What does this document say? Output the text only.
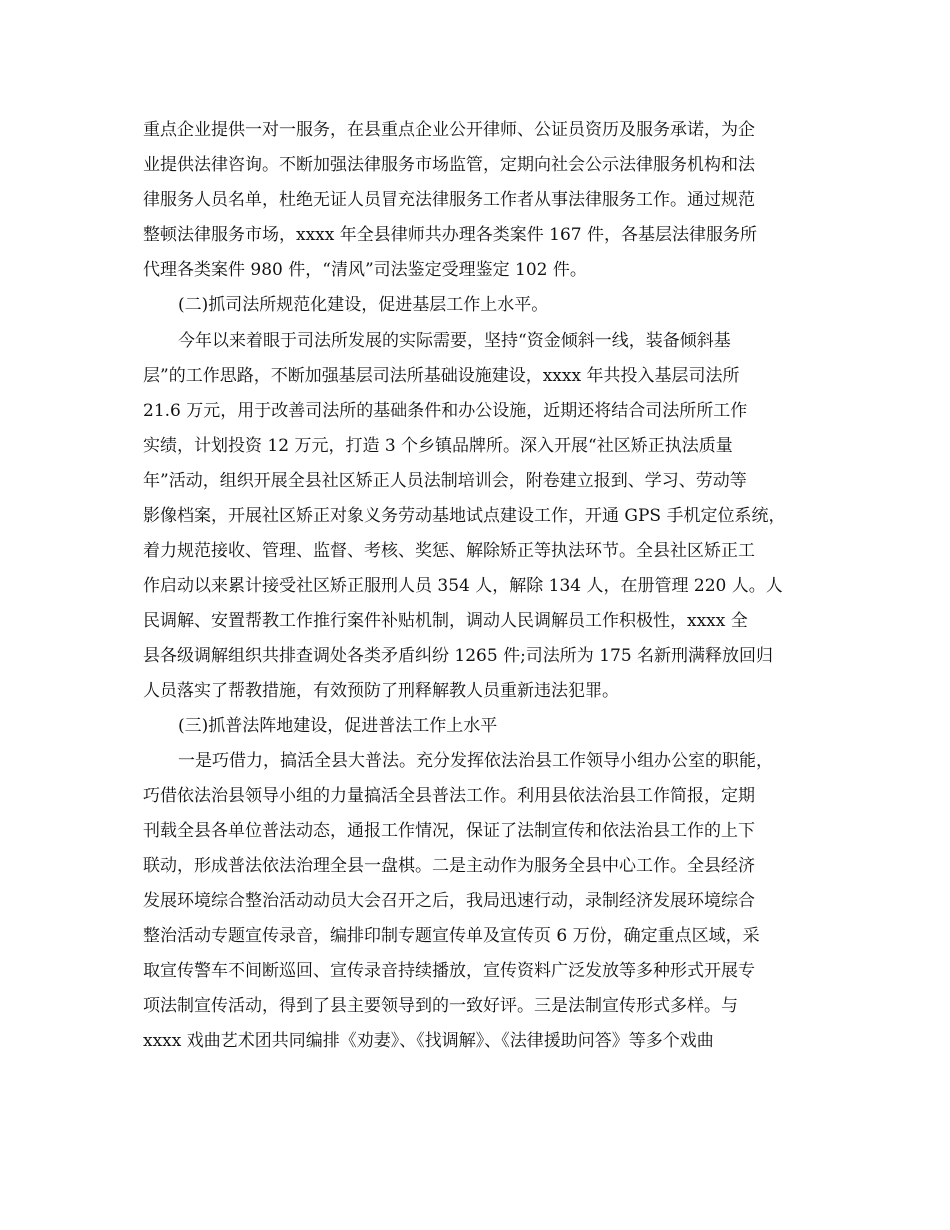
重点企业提供一对一服务，在县重点企业公开律师、公证员资历及服务承诺，为企
业提供法律咨询。不断加强法律服务市场监管，定期向社会公示法律服务机构和法
律服务人员名单，杜绝无证人员冒充法律服务工作者从事法律服务工作。通过规范
整顿法律服务市场，xxxx 年全县律师共办理各类案件 167 件，各基层法律服务所
代理各类案件 980 件，“清风”司法鉴定受理鉴定 102 件。
(二)抓司法所规范化建设，促进基层工作上水平。
今年以来着眼于司法所发展的实际需要，坚持“资金倾斜一线，装备倾斜基
层”的工作思路，不断加强基层司法所基础设施建设，xxxx 年共投入基层司法所
21.6 万元，用于改善司法所的基础条件和办公设施，近期还将结合司法所所工作
实绩，计划投资 12 万元，打造 3 个乡镇品牌所。深入开展“社区矫正执法质量
年”活动，组织开展全县社区矫正人员法制培训会，附卷建立报到、学习、劳动等
影像档案，开展社区矫正对象义务劳动基地试点建设工作，开通 GPS 手机定位系统，
着力规范接收、管理、监督、考核、奖惩、解除矫正等执法环节。全县社区矫正工
作启动以来累计接受社区矫正服刑人员 354 人，解除 134 人，在册管理 220 人。人
民调解、安置帮教工作推行案件补贴机制，调动人民调解员工作积极性，xxxx 全
县各级调解组织共排查调处各类矛盾纠纷 1265 件;司法所为 175 名新刑满释放回归
人员落实了帮教措施，有效预防了刑释解教人员重新违法犯罪。
(三)抓普法阵地建设，促进普法工作上水平
一是巧借力，搞活全县大普法。充分发挥依法治县工作领导小组办公室的职能，
巧借依法治县领导小组的力量搞活全县普法工作。利用县依法治县工作简报，定期
刊载全县各单位普法动态，通报工作情况，保证了法制宣传和依法治县工作的上下
联动，形成普法依法治理全县一盘棋。二是主动作为服务全县中心工作。全县经济
发展环境综合整治活动动员大会召开之后，我局迅速行动，录制经济发展环境综合
整治活动专题宣传录音，编排印制专题宣传单及宣传页 6 万份，确定重点区域，采
取宣传警车不间断巡回、宣传录音持续播放，宣传资料广泛发放等多种形式开展专
项法制宣传活动，得到了县主要领导到的一致好评。三是法制宣传形式多样。与
xxxx 戏曲艺术团共同编排《劝妻》、《找调解》、《法律援助问答》等多个戏曲
